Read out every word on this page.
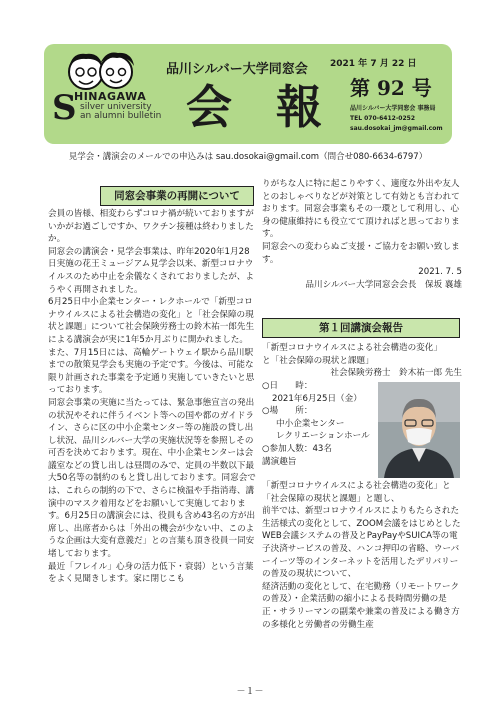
S
HINAGAWA
silver university
an alumni bulletin
品川シルバー大学同窓会
会 報
2021 年 7 月 22 日
第 92 号
品川シルバー大学同窓会 事務局
TEL 070-6412-0252
sau.dosokai_jm@gmail.com
見学会・講演会のメールでの申込みは sau.dosokai@gmail.com（問合せ080-6634-6797）
同窓会事業の再開について

会員の皆様、相変わらずコロナ禍が続いておりますがいかがお過ごしですか、ワクチン接種は終わりましたか。

同窓会の講演会・見学会事業は、昨年2020年1月28日実施の花王ミュージアム見学会以来、新型コロナウイルスのため中止を余儀なくされておりましたが、ようやく再開されました。

6月25日中小企業センター・レクホールで「新型コロナウイルスによる社会構造の変化」と「社会保障の現状と課題」について社会保険労務士の鈴木祐一郎先生による講演会が実に1年5か月ぶりに開かれました。また、7月15日には、高輪ゲートウェイ駅から品川駅までの散策見学会も実施の予定です。今後は、可能な限り計画された事業を予定通り実施していきたいと思っております。

同窓会事業の実施に当たっては、緊急事態宣言の発出の状況やそれに伴うイベント等への国や都のガイドライン、さらに区の中小企業センター等の施設の貸し出し状況、品川シルバー大学の実施状況等を参照しその可否を決めております。現在、中小企業センターは会議室などの貸し出しは昼間のみで、定員の半数以下最大50名等の制約のもと貸し出しております。同窓会では、これらの制約の下で、さらに検温や手指消毒、講演中のマスク着用などをお願いして実施しております。6月25日の講演会には、役員も含め43名の方が出席し、出席者からは「外出の機会が少ない中、このような企画は大変有意義だ」との言葉も頂き役員一同安堵しております。

最近「フレイル」心身の活力低下・衰弱）という言葉をよく見聞きします。家に閉じこも

りがちな人に特に起こりやすく、適度な外出や友人とのおしゃべりなどが対策として有効とも言われております。同窓会事業もその一環として利用し、心身の健康維持にも役立てて頂ければと思っております。

同窓会への変わらぬご支援・ご協力をお願い致します。

2021. 7. 5

品川シルバー大学同窓会会長　保坂 襄雄

第１回講演会報告

「新型コロナウイルスによる社会構造の変化」

と「社会保障の現状と課題」

社会保険労務士　鈴木祐一郎 先生

○日　　時：

2021年6月25日（金）

○場　　所：

中小企業センター

レクリエーションホール

○参加人数：43名

講演趣旨

「新型コロナウイルスによる社会構造の変化」と「社会保障の現状と課題」と題し、

前半では、新型コロナウイルスによりもたらされた生活様式の変化として、ZOOM会議をはじめとしたWEB会議システムの普及とPayPayやSUICA等の電子決済サービスの普及、ハンコ押印の省略、ウーバーイーツ等のインターネットを活用したデリバリーの普及の現状について、

経済活動の変化として、在宅勤務（リモートワークの普及）・企業活動の縮小による長時間労働の是正・サラリーマンの副業や兼業の普及による働き方の多様化と労働者の労働生産

－１－
